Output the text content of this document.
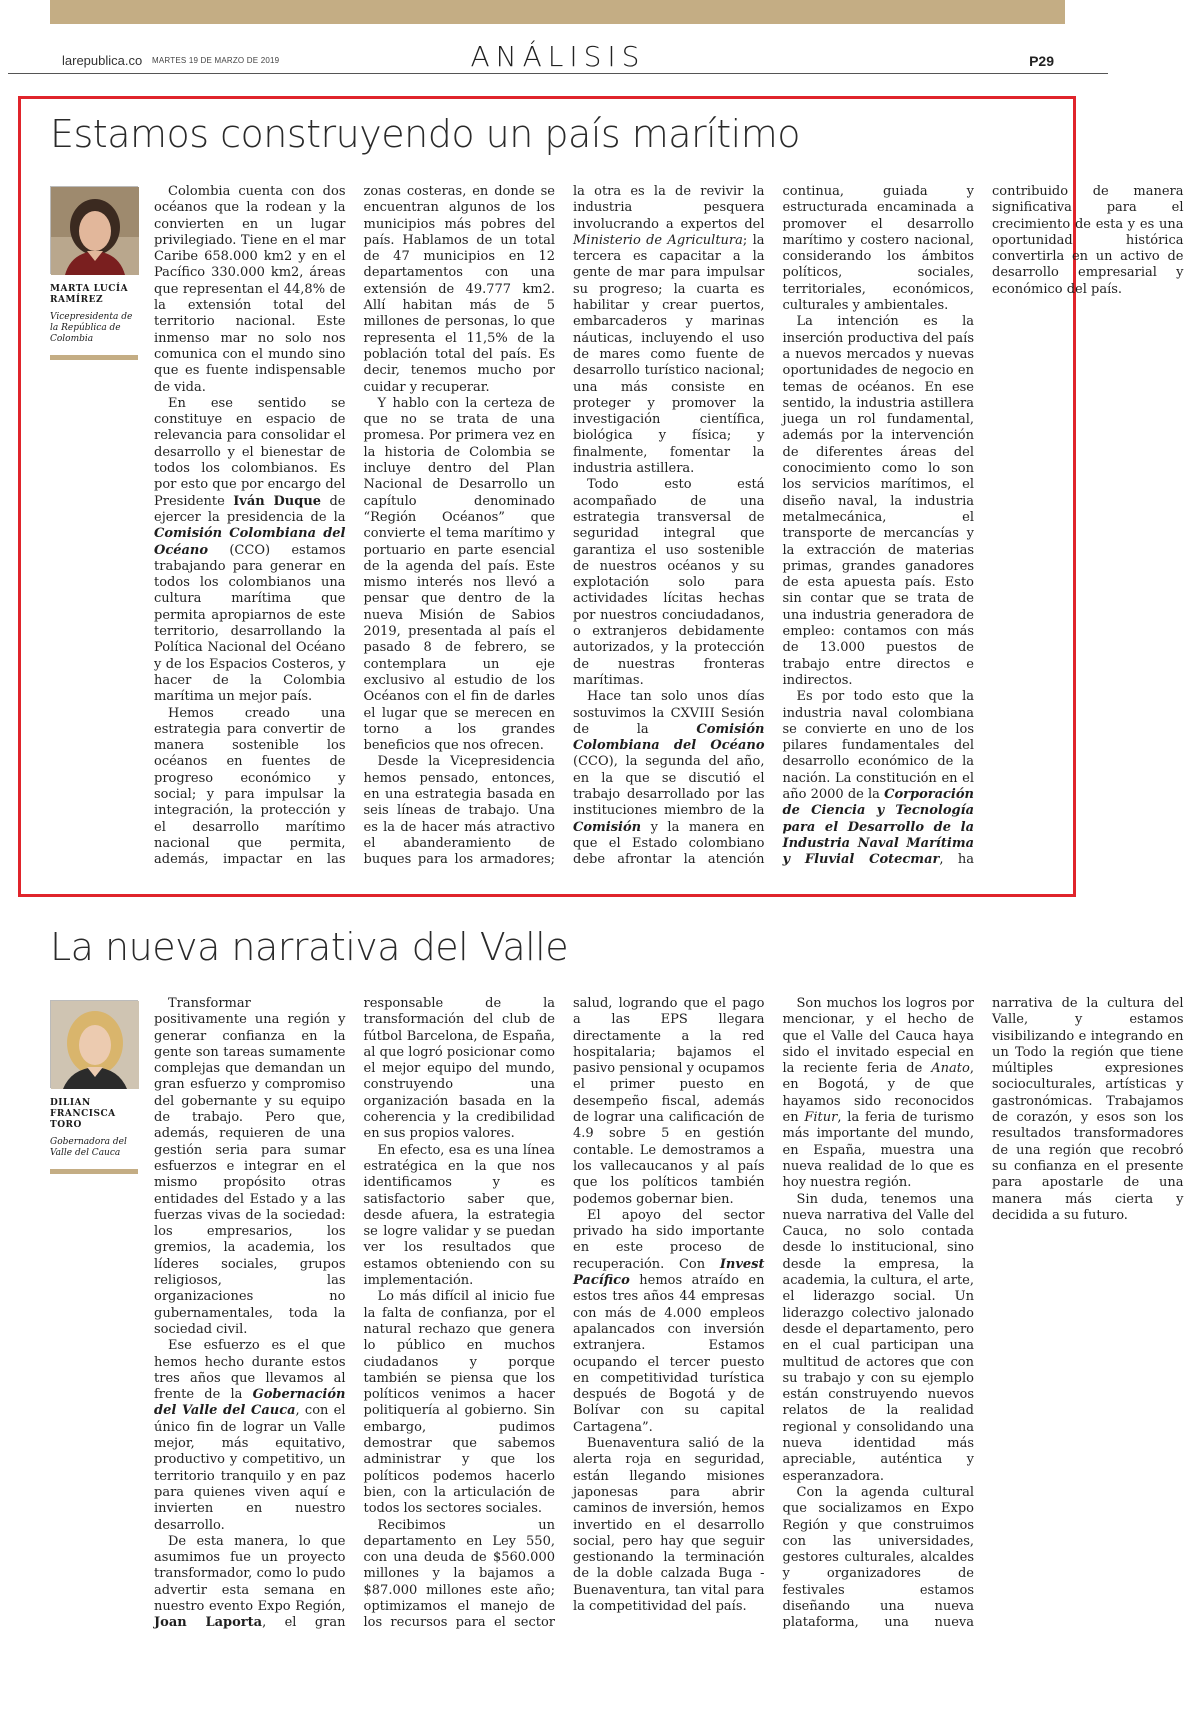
larepublica.co MARTES 19 DE MARZO DE 2019	ANÁLISIS	P29
Estamos construyendo un país marítimo
MARTA LUCÍA RAMÍREZ
Vicepresidenta de la República de Colombia

Colombia cuenta con dos océanos que la rodean y la convierten en un lugar privilegiado. Tiene en el mar Caribe 658.000 km2 y en el Pacífico 330.000 km2, áreas que representan el 44,8% de la extensión total del territorio nacional. Este inmenso mar no solo nos comunica con el mundo sino que es fuente indispensable de vida.

En ese sentido se constituye en espacio de relevancia para consolidar el desarrollo y el bienestar de todos los colombianos. Es por esto que por encargo del Presidente Iván Duque de ejercer la presidencia de la Comisión Colombiana del Océano (CCO) estamos trabajando para generar en todos los colombianos una cultura marítima que permita apropiarnos de este territorio, desarrollando la Política Nacional del Océano y de los Espacios Costeros, y hacer de la Colombia marítima un mejor país.

Hemos creado una estrategia para convertir de manera sostenible los océanos en fuentes de progreso económico y social; y para impulsar la integración, la protección y el desarrollo marítimo nacional que permita, además, impactar en las zonas costeras, en donde se encuentran algunos de los municipios más pobres del país. Hablamos de un total de 47 municipios en 12 departamentos con una extensión de 49.777 km2. Allí habitan más de 5 millones de personas, lo que representa el 11,5% de la población total del país. Es decir, tenemos mucho por cuidar y recuperar.

Y hablo con la certeza de que no se trata de una promesa. Por primera vez en la historia de Colombia se incluye dentro del Plan Nacional de Desarrollo un capítulo denominado “Región Océanos” que convierte el tema marítimo y portuario en parte esencial de la agenda del país. Este mismo interés nos llevó a pensar que dentro de la nueva Misión de Sabios 2019, presentada al país el pasado 8 de febrero, se contemplara un eje exclusivo al estudio de los Océanos con el fin de darles el lugar que se merecen en torno a los grandes beneficios que nos ofrecen.

Desde la Vicepresidencia hemos pensado, entonces, en una estrategia basada en seis líneas de trabajo. Una es la de hacer más atractivo el abanderamiento de buques para los armadores; la otra es la de revivir la industria pesquera involucrando a expertos del Ministerio de Agricultura; la tercera es capacitar a la gente de mar para impulsar su progreso; la cuarta es habilitar y crear puertos, embarcaderos y marinas náuticas, incluyendo el uso de mares como fuente de desarrollo turístico nacional; una más consiste en proteger y promover la investigación científica, biológica y física; y finalmente, fomentar la industria astillera.

Todo esto está acompañado de una estrategia transversal de seguridad integral que garantiza el uso sostenible de nuestros océanos y su explotación solo para actividades lícitas hechas por nuestros conciudadanos, o extranjeros debidamente autorizados, y la protección de nuestras fronteras marítimas.

Hace tan solo unos días sostuvimos la CXVIII Sesión de la Comisión Colombiana del Océano (CCO), la segunda del año, en la que se discutió el trabajo desarrollado por las instituciones miembro de la Comisión y la manera en que el Estado colombiano debe afrontar la atención continua, guiada y estructurada encaminada a promover el desarrollo marítimo y costero nacional, considerando los ámbitos políticos, sociales, territoriales, económicos, culturales y ambientales.

La intención es la inserción productiva del país a nuevos mercados y nuevas oportunidades de negocio en temas de océanos. En ese sentido, la industria astillera juega un rol fundamental, además por la intervención de diferentes áreas del conocimiento como lo son los servicios marítimos, el diseño naval, la industria metalmecánica, el transporte de mercancías y la extracción de materias primas, grandes ganadores de esta apuesta país. Esto sin contar que se trata de una industria generadora de empleo: contamos con más de 13.000 puestos de trabajo entre directos e indirectos.

Es por todo esto que la industria naval colombiana se convierte en uno de los pilares fundamentales del desarrollo económico de la nación. La constitución en el año 2000 de la Corporación de Ciencia y Tecnología para el Desarrollo de la Industria Naval Marítima y Fluvial Cotecmar, ha contribuido de manera significativa para el crecimiento de esta y es una oportunidad histórica convertirla en un activo de desarrollo empresarial y económico del país.

La nueva narrativa del Valle
DILIAN FRANCISCA TORO
Gobernadora del Valle del Cauca

Transformar positivamente una región y generar confianza en la gente son tareas sumamente complejas que demandan un gran esfuerzo y compromiso del gobernante y su equipo de trabajo. Pero que, además, requieren de una gestión seria para sumar esfuerzos e integrar en el mismo propósito otras entidades del Estado y a las fuerzas vivas de la sociedad: los empresarios, los gremios, la academia, los líderes sociales, grupos religiosos, las organizaciones no gubernamentales, toda la sociedad civil.

Ese esfuerzo es el que hemos hecho durante estos tres años que llevamos al frente de la Gobernación del Valle del Cauca, con el único fin de lograr un Valle mejor, más equitativo, productivo y competitivo, un territorio tranquilo y en paz para quienes viven aquí e invierten en nuestro desarrollo.

De esta manera, lo que asumimos fue un proyecto transformador, como lo pudo advertir esta semana en nuestro evento Expo Región, Joan Laporta, el gran responsable de la transformación del club de fútbol Barcelona, de España, al que logró posicionar como el mejor equipo del mundo, construyendo una organización basada en la coherencia y la credibilidad en sus propios valores.

En efecto, esa es una línea estratégica en la que nos identificamos y es satisfactorio saber que, desde afuera, la estrategia se logre validar y se puedan ver los resultados que estamos obteniendo con su implementación.

Lo más difícil al inicio fue la falta de confianza, por el natural rechazo que genera lo público en muchos ciudadanos y porque también se piensa que los políticos venimos a hacer politiquería al gobierno. Sin embargo, pudimos demostrar que sabemos administrar y que los políticos podemos hacerlo bien, con la articulación de todos los sectores sociales.

Recibimos un departamento en Ley 550, con una deuda de $560.000 millones y la bajamos a $87.000 millones este año; optimizamos el manejo de los recursos para el sector salud, logrando que el pago a las EPS llegara directamente a la red hospitalaria; bajamos el pasivo pensional y ocupamos el primer puesto en desempeño fiscal, además de lograr una calificación de 4.9 sobre 5 en gestión contable. Le demostramos a los vallecaucanos y al país que los políticos también podemos gobernar bien.

El apoyo del sector privado ha sido importante en este proceso de recuperación. Con Invest Pacífico hemos atraído en estos tres años 44 empresas con más de 4.000 empleos apalancados con inversión extranjera. Estamos ocupando el tercer puesto en competitividad turística después de Bogotá y de Bolívar con su capital Cartagena”.

Buenaventura salió de la alerta roja en seguridad, están llegando misiones japonesas para abrir caminos de inversión, hemos invertido en el desarrollo social, pero hay que seguir gestionando la terminación de la doble calzada Buga - Buenaventura, tan vital para la competitividad del país.

Son muchos los logros por mencionar, y el hecho de que el Valle del Cauca haya sido el invitado especial en la reciente feria de Anato, en Bogotá, y de que hayamos sido reconocidos en Fitur, la feria de turismo más importante del mundo, en España, muestra una nueva realidad de lo que es hoy nuestra región.

Sin duda, tenemos una nueva narrativa del Valle del Cauca, no solo contada desde lo institucional, sino desde la empresa, la academia, la cultura, el arte, el liderazgo social. Un liderazgo colectivo jalonado desde el departamento, pero en el cual participan una multitud de actores que con su trabajo y con su ejemplo están construyendo nuevos relatos de la realidad regional y consolidando una nueva identidad más apreciable, auténtica y esperanzadora.

Con la agenda cultural que socializamos en Expo Región y que construimos con las universidades, gestores culturales, alcaldes y organizadores de festivales estamos diseñando una nueva plataforma, una nueva narrativa de la cultura del Valle, y estamos visibilizando e integrando en un Todo la región que tiene múltiples expresiones socioculturales, artísticas y gastronómicas. Trabajamos de corazón, y esos son los resultados transformadores de una región que recobró su confianza en el presente para apostarle de una manera más cierta y decidida a su futuro.
